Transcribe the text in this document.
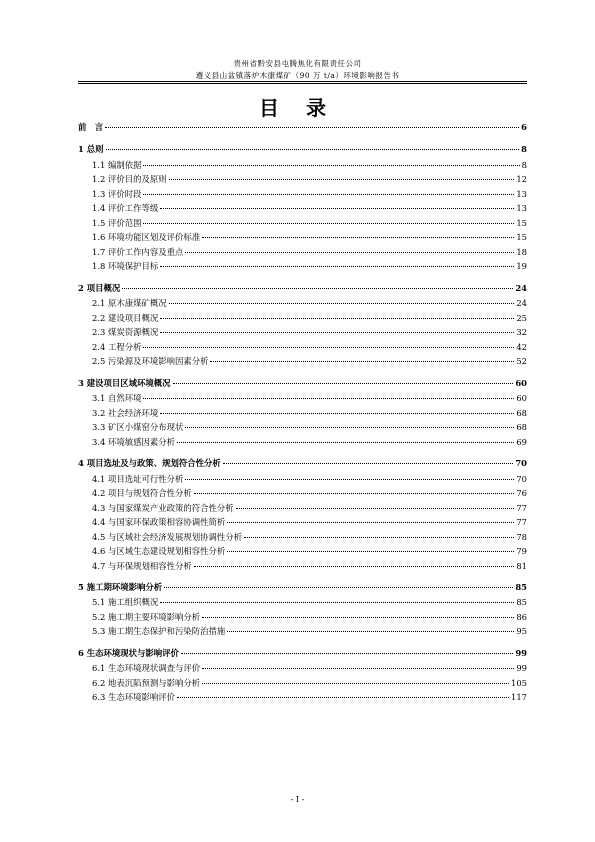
贵州省黔安县屯腾焦化有限责任公司
遵义县山盆镇落炉木康煤矿（90 万 t/a）环境影响报告书
目 录
前　言	6
1 总则	8
1.1 编制依据	8
1.2 评价目的及原则	12
1.3 评价时段	13
1.4 评价工作等级	13
1.5 评价范围	15
1.6 环境功能区划及评价标准	15
1.7 评价工作内容及重点	18
1.8 环境保护目标	19
2 项目概况	24
2.1 原木康煤矿概况	24
2.2 建设项目概况	25
2.3 煤炭资源概况	32
2.4 工程分析	42
2.5 污染源及环境影响因素分析	52
3 建设项目区域环境概况	60
3.1 自然环境	60
3.2 社会经济环境	68
3.3 矿区小煤窑分布现状	68
3.4 环境敏感因素分析	69
4 项目选址及与政策、规划符合性分析	70
4.1 项目选址可行性分析	70
4.2 项目与规划符合性分析	76
4.3 与国家煤炭产业政策的符合性分析	77
4.4 与国家环保政策相容协调性简析	77
4.5 与区域社会经济发展规划协调性分析	78
4.6 与区域生态建设规划相容性分析	79
4.7 与环保规划相容性分析	81
5 施工期环境影响分析	85
5.1 施工组织概况	85
5.2 施工期主要环境影响分析	86
5.3 施工期生态保护和污染防治措施	95
6 生态环境现状与影响评价	99
6.1 生态环境现状调查与评价	99
6.2 地表沉陷预测与影响分析	105
6.3 生态环境影响评价	117
- I -
